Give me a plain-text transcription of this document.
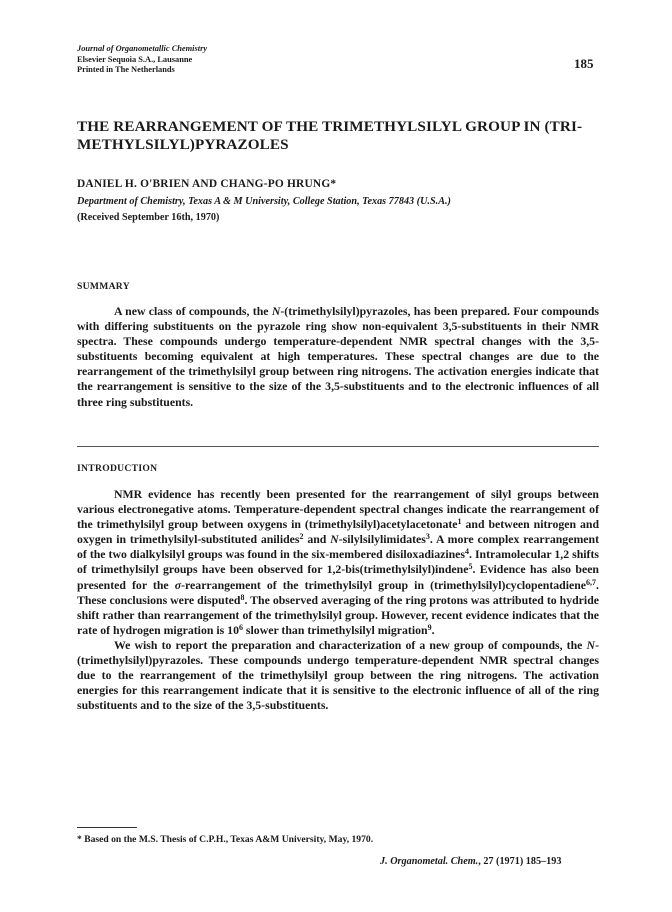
Journal of Organometallic Chemistry
Elsevier Sequoia S.A., Lausanne
Printed in The Netherlands	185
THE REARRANGEMENT OF THE TRIMETHYLSILYL GROUP IN (TRI-METHYLSILYL)PYRAZOLES
DANIEL H. O'BRIEN AND CHANG-PO HRUNG*
Department of Chemistry, Texas A & M University, College Station, Texas 77843 (U.S.A.)
(Received September 16th, 1970)
SUMMARY

A new class of compounds, the N-(trimethylsilyl)pyrazoles, has been prepared. Four compounds with differing substituents on the pyrazole ring show non-equivalent 3,5-substituents in their NMR spectra. These compounds undergo temperature-dependent NMR spectral changes with the 3,5-substituents becoming equivalent at high temperatures. These spectral changes are due to the rearrangement of the trimethylsilyl group between ring nitrogens. The activation energies indicate that the rearrangement is sensitive to the size of the 3,5-substituents and to the electronic influences of all three ring substituents.

INTRODUCTION

NMR evidence has recently been presented for the rearrangement of silyl groups between various electronegative atoms. Temperature-dependent spectral changes indicate the rearrangement of the trimethylsilyl group between oxygens in (trimethylsilyl)acetylacetonate$^1$ and between nitrogen and oxygen in trimethylsilyl-substituted anilides$^2$ and N-silylsilylimidates$^3$. A more complex rearrangement of the two dialkylsilyl groups was found in the six-membered disiloxadiazines$^4$. Intramolecular 1,2 shifts of trimethylsilyl groups have been observed for 1,2-bis(trimethylsilyl)indene$^5$. Evidence has also been presented for the σ-rearrangement of the trimethylsilyl group in (trimethylsilyl)cyclopentadiene$^{6,7}$. These conclusions were disputed$^8$. The observed averaging of the ring protons was attributed to hydride shift rather than rearrangement of the trimethylsilyl group. However, recent evidence indicates that the rate of hydrogen migration is $10^6$ slower than trimethylsilyl migration$^9$.

We wish to report the preparation and characterization of a new group of compounds, the N-(trimethylsilyl)pyrazoles. These compounds undergo temperature-dependent NMR spectral changes due to the rearrangement of the trimethylsilyl group between the ring nitrogens. The activation energies for this rearrangement indicate that it is sensitive to the electronic influence of all of the ring substituents and to the size of the 3,5-substituents.

* Based on the M.S. Thesis of C.P.H., Texas A&M University, May, 1970.
J. Organometal. Chem., 27 (1971) 185–193
